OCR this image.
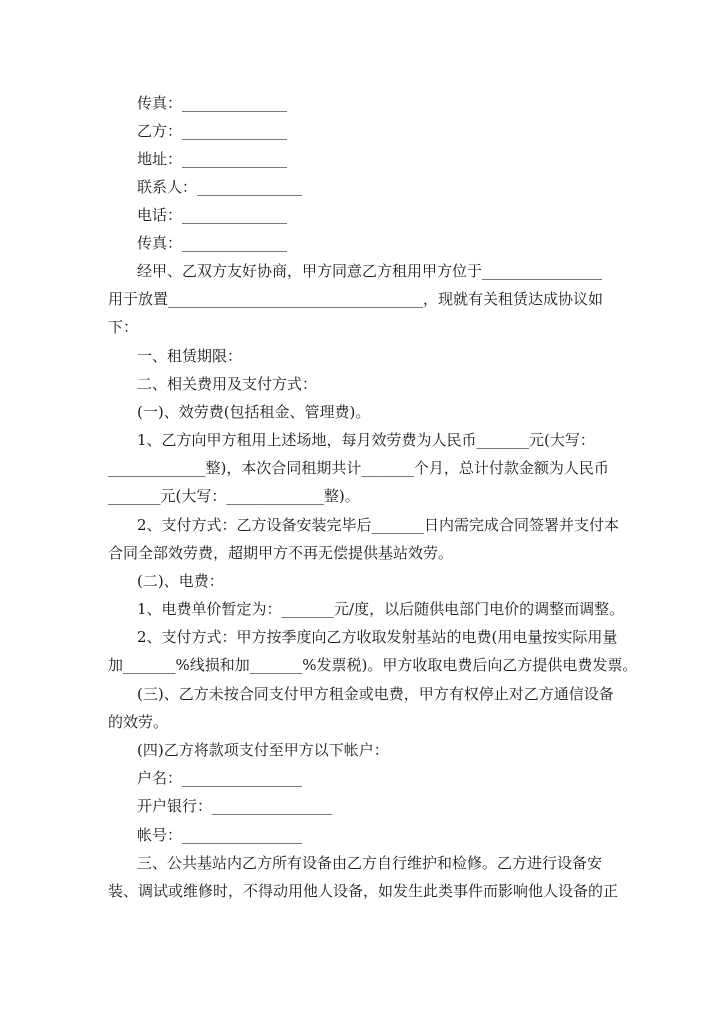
传真：______________
乙方：______________
地址：______________
联系人：______________
电话：______________
传真：______________
经甲、乙双方友好协商，甲方同意乙方租用甲方位于________________
用于放置__________________________________，现就有关租赁达成协议如
下：
一、租赁期限：
二、相关费用及支付方式：
(一)、效劳费(包括租金、管理费)。
1、乙方向甲方租用上述场地，每月效劳费为人民币_______元(大写：
_____________整)，本次合同租期共计_______个月，总计付款金额为人民币
_______元(大写：_____________整)。
2、支付方式：乙方设备安装完毕后_______日内需完成合同签署并支付本
合同全部效劳费，超期甲方不再无偿提供基站效劳。
(二)、电费：
1、电费单价暂定为：_______元/度，以后随供电部门电价的调整而调整。
2、支付方式：甲方按季度向乙方收取发射基站的电费(用电量按实际用量
加_______%线损和加_______%发票税)。甲方收取电费后向乙方提供电费发票。
(三)、乙方未按合同支付甲方租金或电费，甲方有权停止对乙方通信设备
的效劳。
(四)乙方将款项支付至甲方以下帐户：
户名：________________
开户银行：________________
帐号：________________
三、公共基站内乙方所有设备由乙方自行维护和检修。乙方进行设备安
装、调试或维修时，不得动用他人设备，如发生此类事件而影响他人设备的正
